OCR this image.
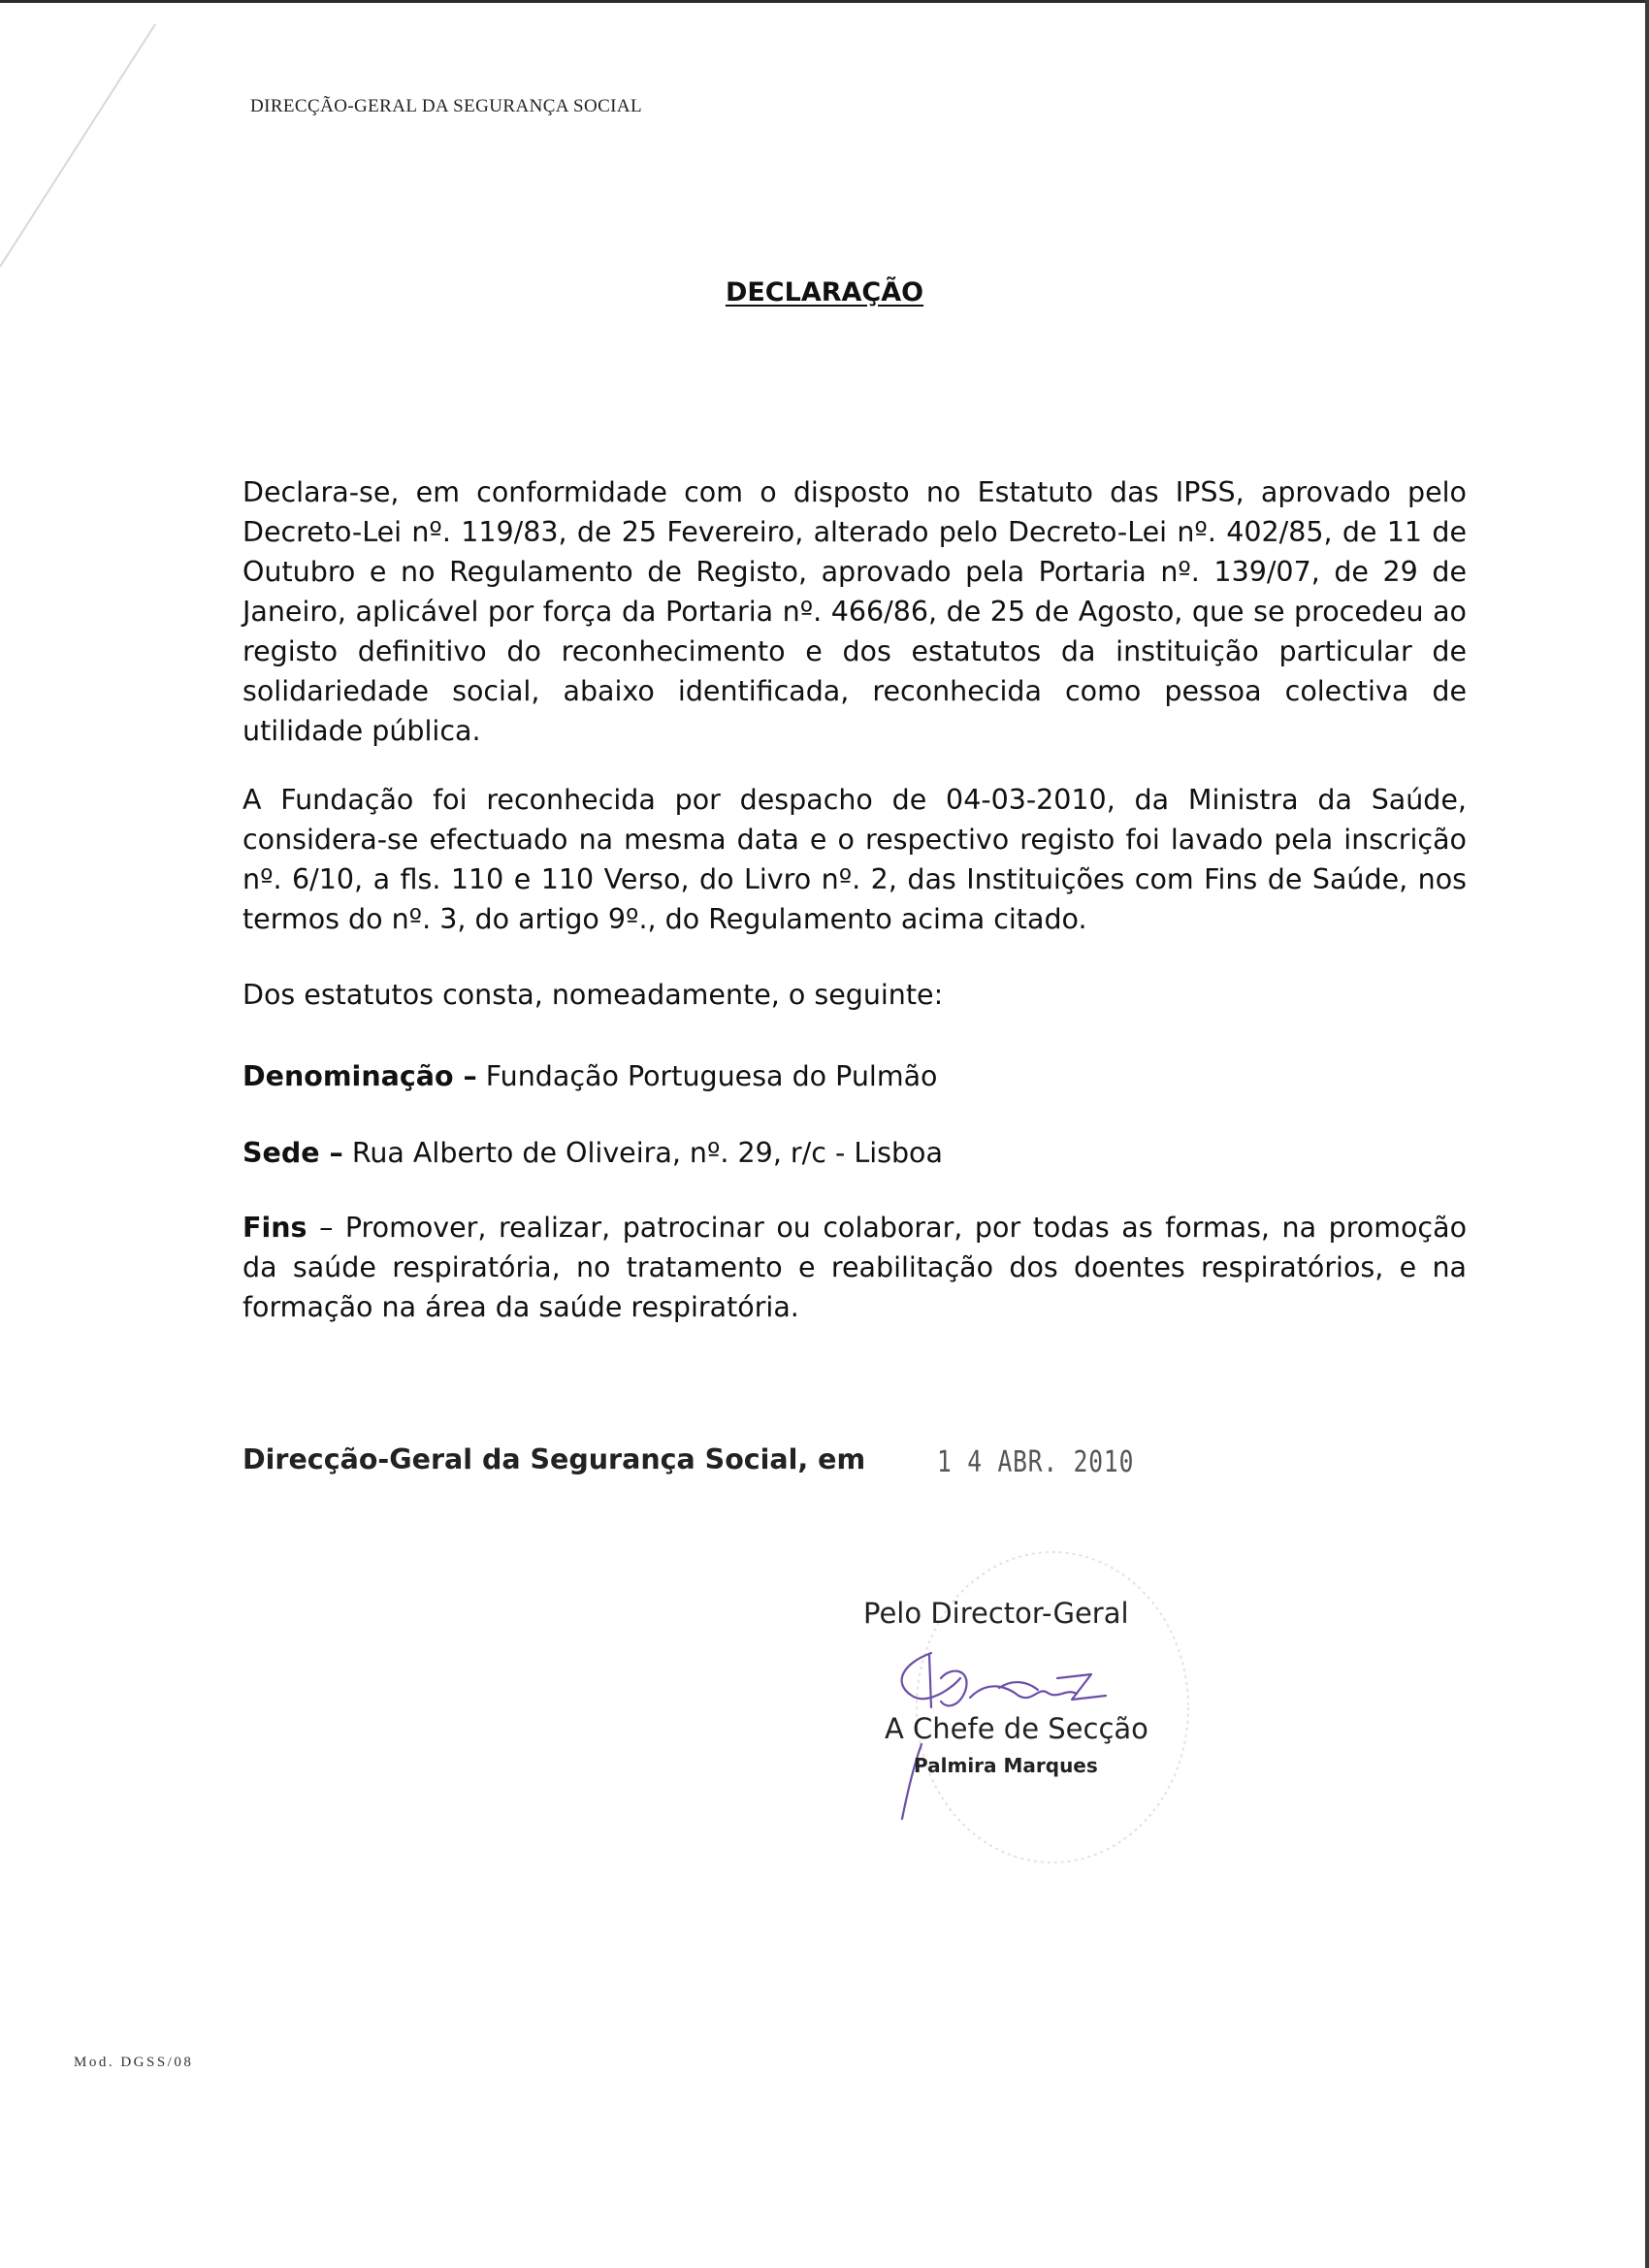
DIRECÇÃO-GERAL DA SEGURANÇA SOCIAL
DECLARAÇÃO

Declara-se, em conformidade com o disposto no Estatuto das IPSS, aprovado pelo Decreto-Lei nº. 119/83, de 25 Fevereiro, alterado pelo Decreto-Lei nº. 402/85, de 11 de Outubro e no Regulamento de Registo, aprovado pela Portaria nº. 139/07, de 29 de Janeiro, aplicável por força da Portaria nº. 466/86, de 25 de Agosto, que se procedeu ao registo definitivo do reconhecimento e dos estatutos da instituição particular de solidariedade social, abaixo identificada, reconhecida como pessoa colectiva de utilidade pública.

A Fundação foi reconhecida por despacho de 04-03-2010, da Ministra da Saúde, considera-se efectuado na mesma data e o respectivo registo foi lavado pela inscrição nº. 6/10, a fls. 110 e 110 Verso, do Livro nº. 2, das Instituições com Fins de Saúde, nos termos do nº. 3, do artigo 9º., do Regulamento acima citado.

Dos estatutos consta, nomeadamente, o seguinte:

Denominação – Fundação Portuguesa do Pulmão

Sede – Rua Alberto de Oliveira, nº. 29, r/c - Lisboa

Fins – Promover, realizar, patrocinar ou colaborar, por todas as formas, na promoção da saúde respiratória, no tratamento e reabilitação dos doentes respiratórios, e na formação na área da saúde respiratória.

Direcção-Geral da Segurança Social, em 1 4 ABR. 2010
Pelo Director-Geral
A Chefe de Secção
Palmira Marques
Mod. DGSS/08
